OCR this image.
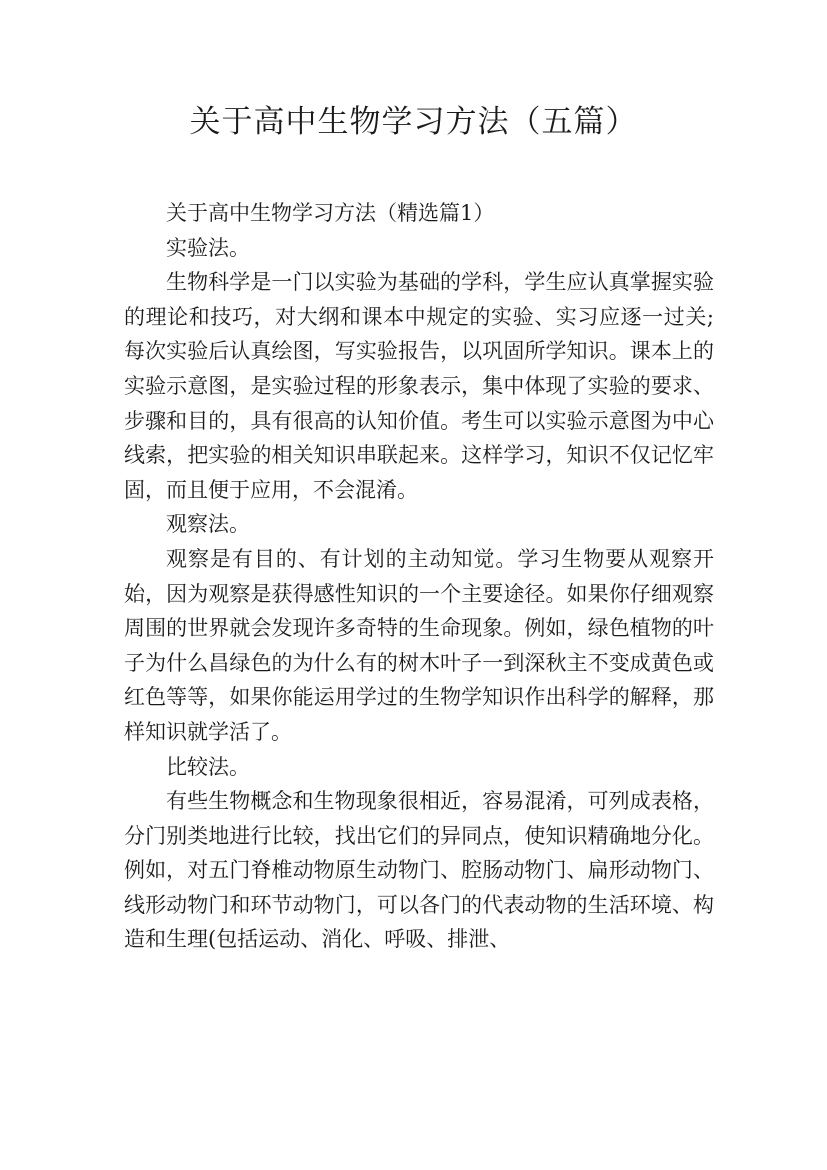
关于高中生物学习方法（五篇）

关于高中生物学习方法（精选篇1）

实验法。

生物科学是一门以实验为基础的学科，学生应认真掌握实验的理论和技巧，对大纲和课本中规定的实验、实习应逐一过关;每次实验后认真绘图，写实验报告，以巩固所学知识。课本上的实验示意图，是实验过程的形象表示，集中体现了实验的要求、步骤和目的，具有很高的认知价值。考生可以实验示意图为中心线索，把实验的相关知识串联起来。这样学习，知识不仅记忆牢固，而且便于应用，不会混淆。

观察法。

观察是有目的、有计划的主动知觉。学习生物要从观察开始，因为观察是获得感性知识的一个主要途径。如果你仔细观察周围的世界就会发现许多奇特的生命现象。例如，绿色植物的叶子为什么昌绿色的为什么有的树木叶子一到深秋主不变成黄色或红色等等，如果你能运用学过的生物学知识作出科学的解释，那样知识就学活了。

比较法。

有些生物概念和生物现象很相近，容易混淆，可列成表格，分门别类地进行比较，找出它们的异同点，使知识精确地分化。例如，对五门脊椎动物原生动物门、腔肠动物门、扁形动物门、线形动物门和环节动物门，可以各门的代表动物的生活环境、构造和生理(包括运动、消化、呼吸、排泄、
